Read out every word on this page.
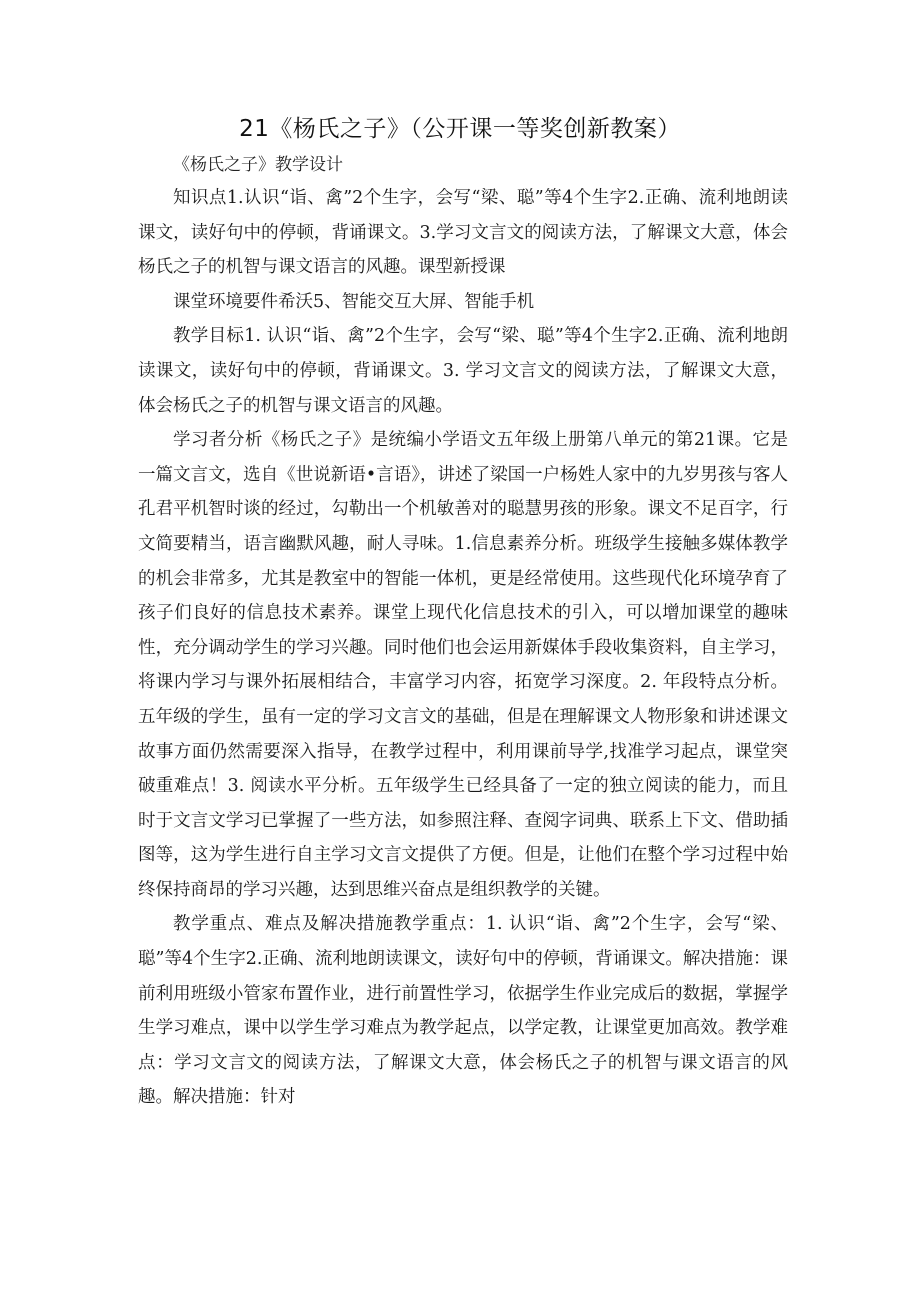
21《杨氏之子》（公开课一等奖创新教案）
《杨氏之子》教学设计

知识点1.认识“诣、禽”2个生字，会写“梁、聪”等4个生字2.正确、流利地朗读课文，读好句中的停顿，背诵课文。3.学习文言文的阅读方法，了解课文大意，体会杨氏之子的机智与课文语言的风趣。课型新授课

课堂环境要件希沃5、智能交互大屏、智能手机

教学目标1. 认识“诣、禽”2个生字，会写“梁、聪”等4个生字2.正确、流利地朗读课文，读好句中的停顿，背诵课文。3. 学习文言文的阅读方法，了解课文大意，体会杨氏之子的机智与课文语言的风趣。

学习者分析《杨氏之子》是统编小学语文五年级上册第八单元的第21课。它是一篇文言文，选自《世说新语•言语》，讲述了梁国一户杨姓人家中的九岁男孩与客人孔君平机智时谈的经过，勾勒出一个机敏善对的聪慧男孩的形象。课文不足百字，行文简要精当，语言幽默风趣，耐人寻味。1.信息素养分析。班级学生接触多媒体教学的机会非常多，尤其是教室中的智能一体机，更是经常使用。这些现代化环境孕育了孩子们良好的信息技术素养。课堂上现代化信息技术的引入，可以增加课堂的趣味性，充分调动学生的学习兴趣。同时他们也会运用新媒体手段收集资料，自主学习，将课内学习与课外拓展相结合，丰富学习内容，拓宽学习深度。2. 年段特点分析。五年级的学生，虽有一定的学习文言文的基础，但是在理解课文人物形象和讲述课文故事方面仍然需要深入指导，在教学过程中，利用课前导学,找准学习起点，课堂突破重难点！3. 阅读水平分析。五年级学生已经具备了一定的独立阅读的能力，而且时于文言文学习已掌握了一些方法，如参照注释、查阅字词典、联系上下文、借助插图等，这为学生进行自主学习文言文提供了方便。但是，让他们在整个学习过程中始终保持商昂的学习兴趣，达到思维兴奋点是组织教学的关键。

教学重点、难点及解决措施教学重点：1. 认识“诣、禽”2个生字，会写“梁、聪”等4个生字2.正确、流利地朗读课文，读好句中的停顿，背诵课文。解决措施：课前利用班级小管家布置作业，进行前置性学习，依据学生作业完成后的数据，掌握学生学习难点，课中以学生学习难点为教学起点，以学定教，让课堂更加高效。教学难点：学习文言文的阅读方法，了解课文大意，体会杨氏之子的机智与课文语言的风趣。解决措施：针对
